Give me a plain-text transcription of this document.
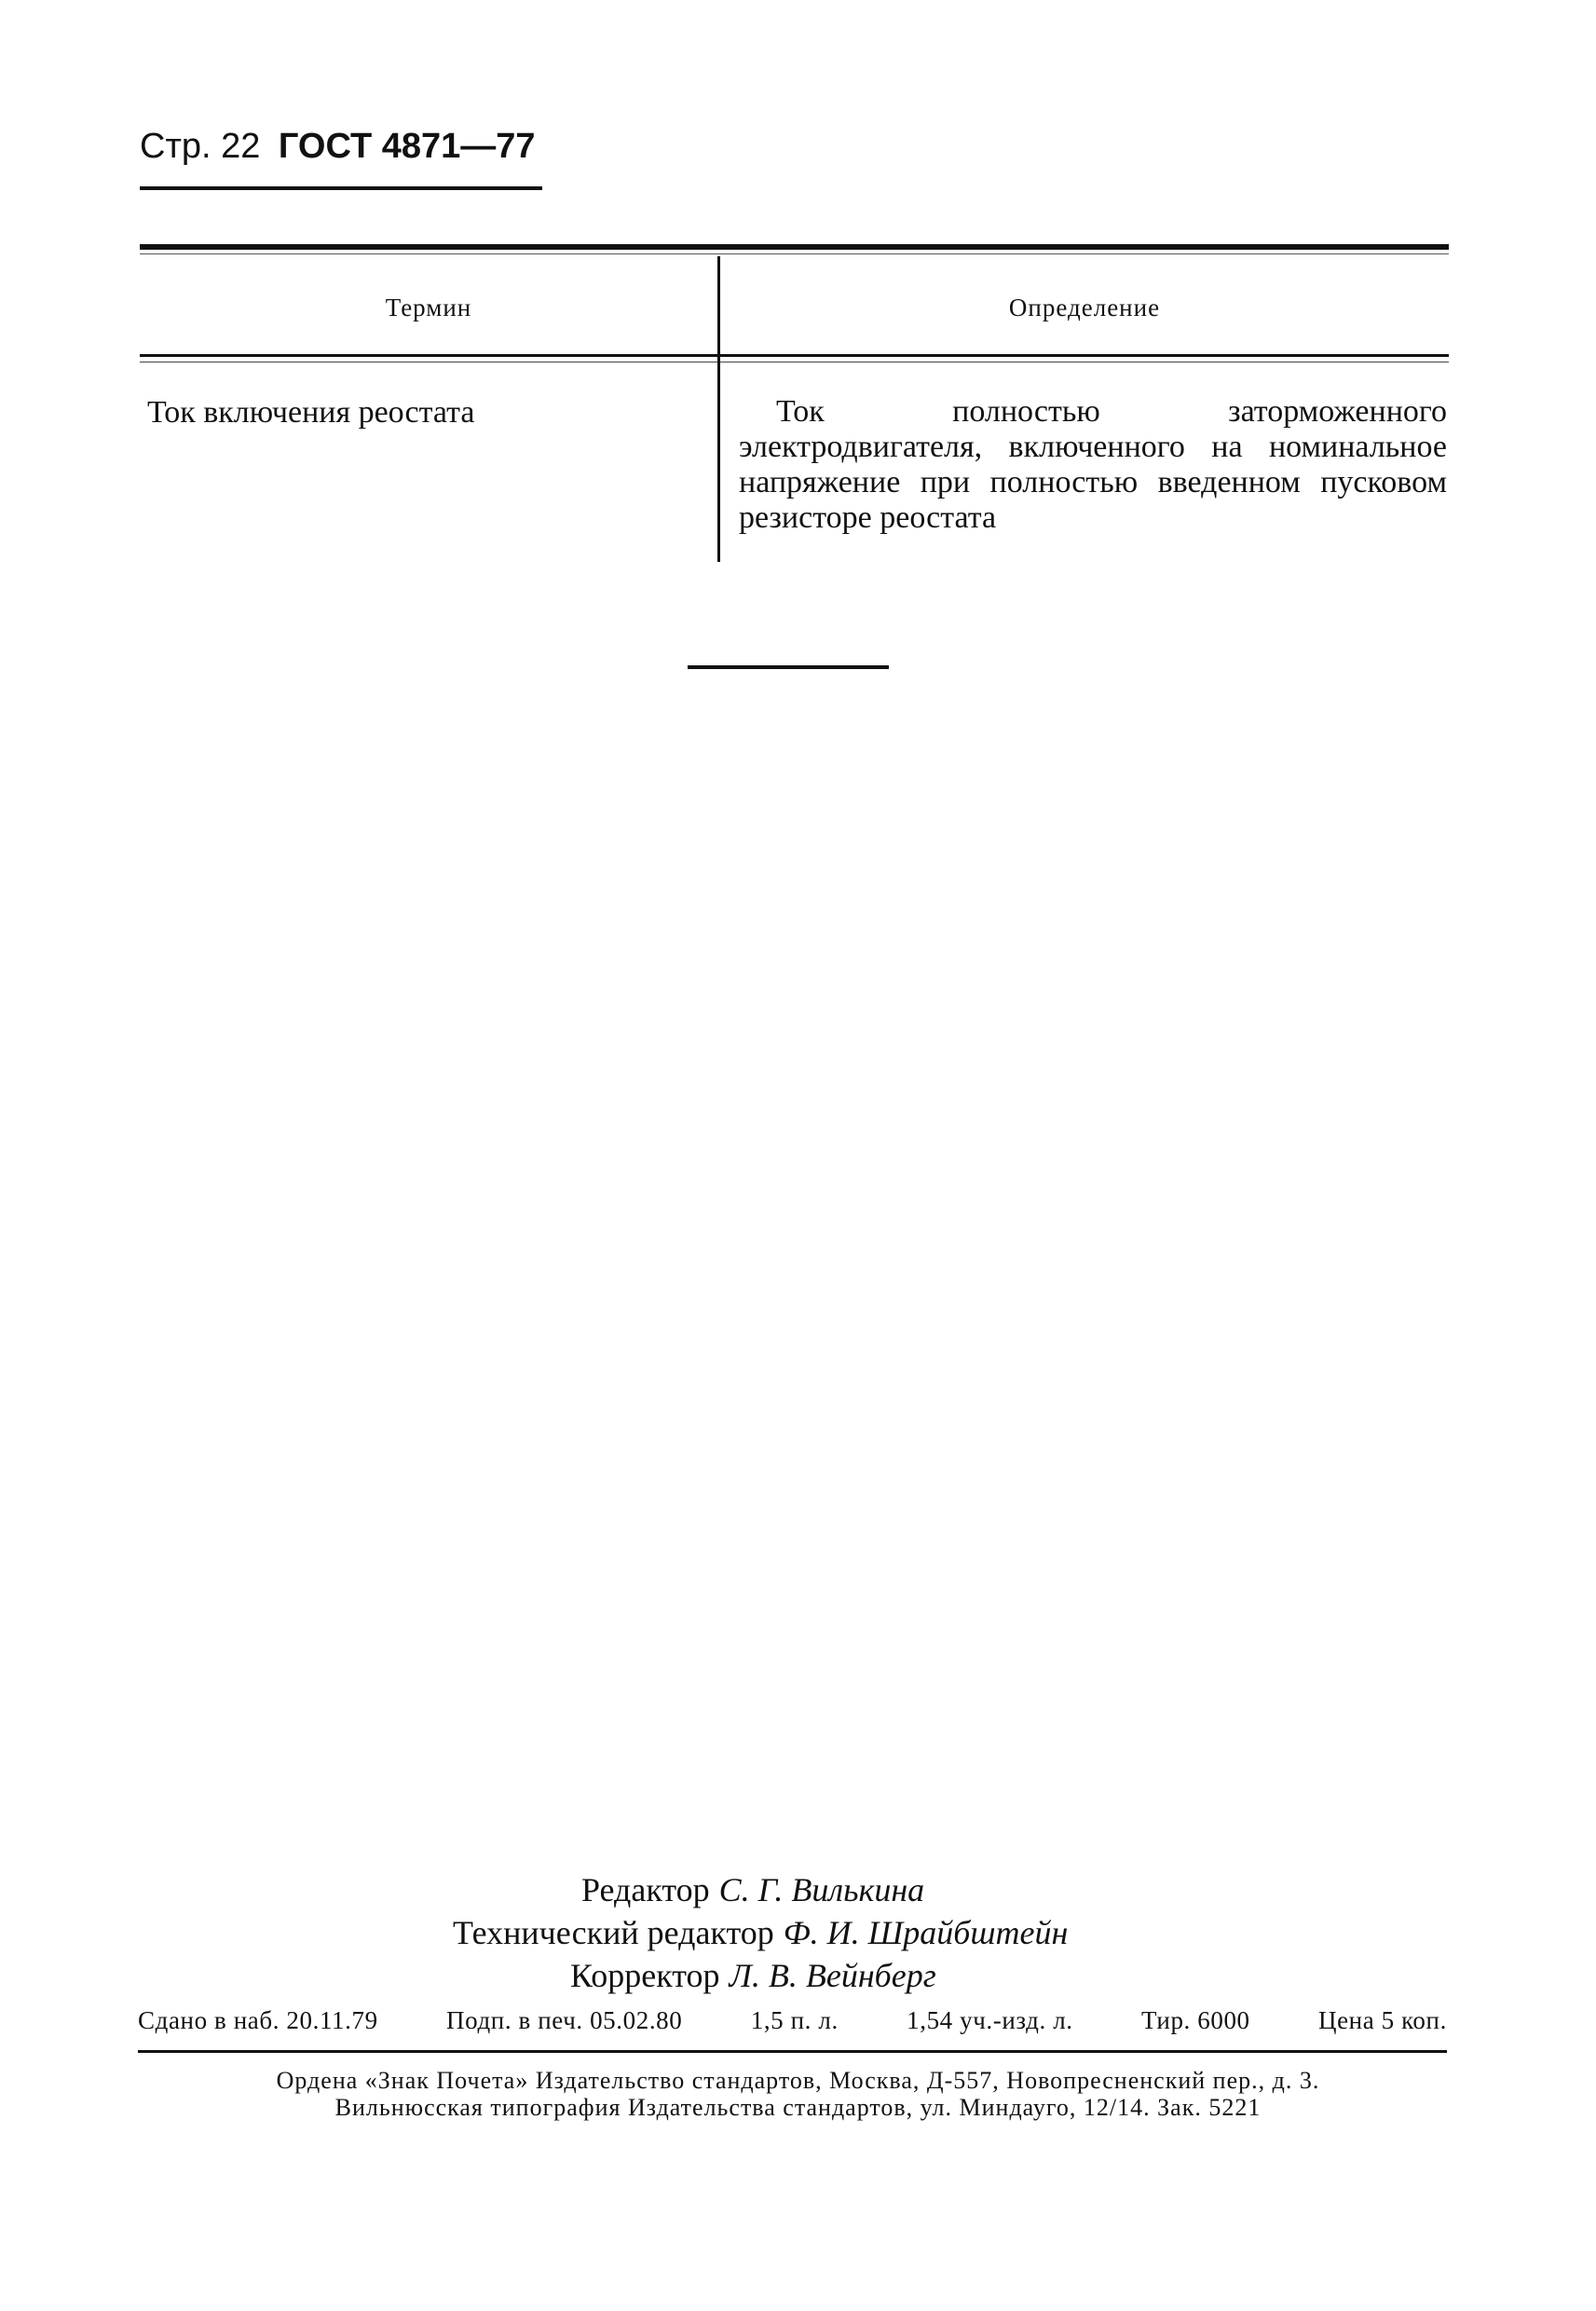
Стр. 22 ГОСТ 4871—77
Термин	Определение
Ток включения реостата	Ток полностью заторможенного электродвигателя, включенного на номинальное напряжение при полностью введенном пусковом резисторе реостата
Редактор С. Г. Вилькина
Технический редактор Ф. И. Шрайбштейн
Корректор Л. В. Вейнберг
Сдано в наб. 20.11.79	Подп. в печ. 05.02.80	1,5 п. л.	1,54 уч.-изд. л.	Тир. 6000	Цена 5 коп.
Ордена «Знак Почета» Издательство стандартов, Москва, Д-557, Новопресненский пер., д. 3.
Вильнюсская типография Издательства стандартов, ул. Миндауго, 12/14. Зак. 5221
